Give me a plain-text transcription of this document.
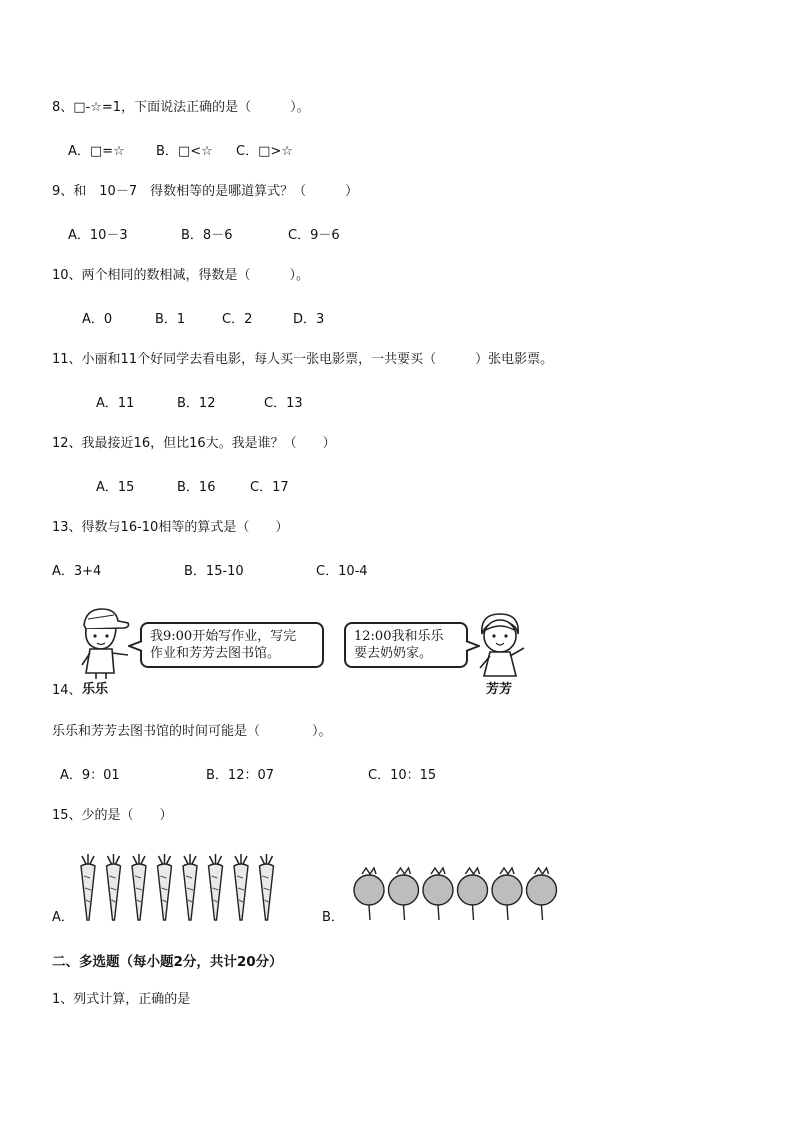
8、□-☆=1，下面说法正确的是（　　　）。
A．□=☆ B．□<☆ C．□>☆
9、和　10－7　得数相等的是哪道算式？（　　　）
A．10－3	B．8－6	C．9－6
10、两个相同的数相减，得数是（　　　）。
A．0	B．1	C．2	D．3
11、小丽和11个好同学去看电影，每人买一张电影票，一共要买（　　　）张电影票。
A．11	B．12	C．13
12、我最接近16，但比16大。我是谁？（　　）
A．15	B．16	C．17
13、得数与16-10相等的算式是（　　）
A．3+4	B．15-10	C．10-4
我9:00开始写作业，写完
作业和芳芳去图书馆。
12:00我和乐乐
要去奶奶家。
14、 乐乐	芳芳
乐乐和芳芳去图书馆的时间可能是（　　　　）。
A．9：01	B．12：07	C．10：15
15、少的是（　　）
A．	B．
二、多选题（每小题2分，共计20分）
1、列式计算，正确的是
